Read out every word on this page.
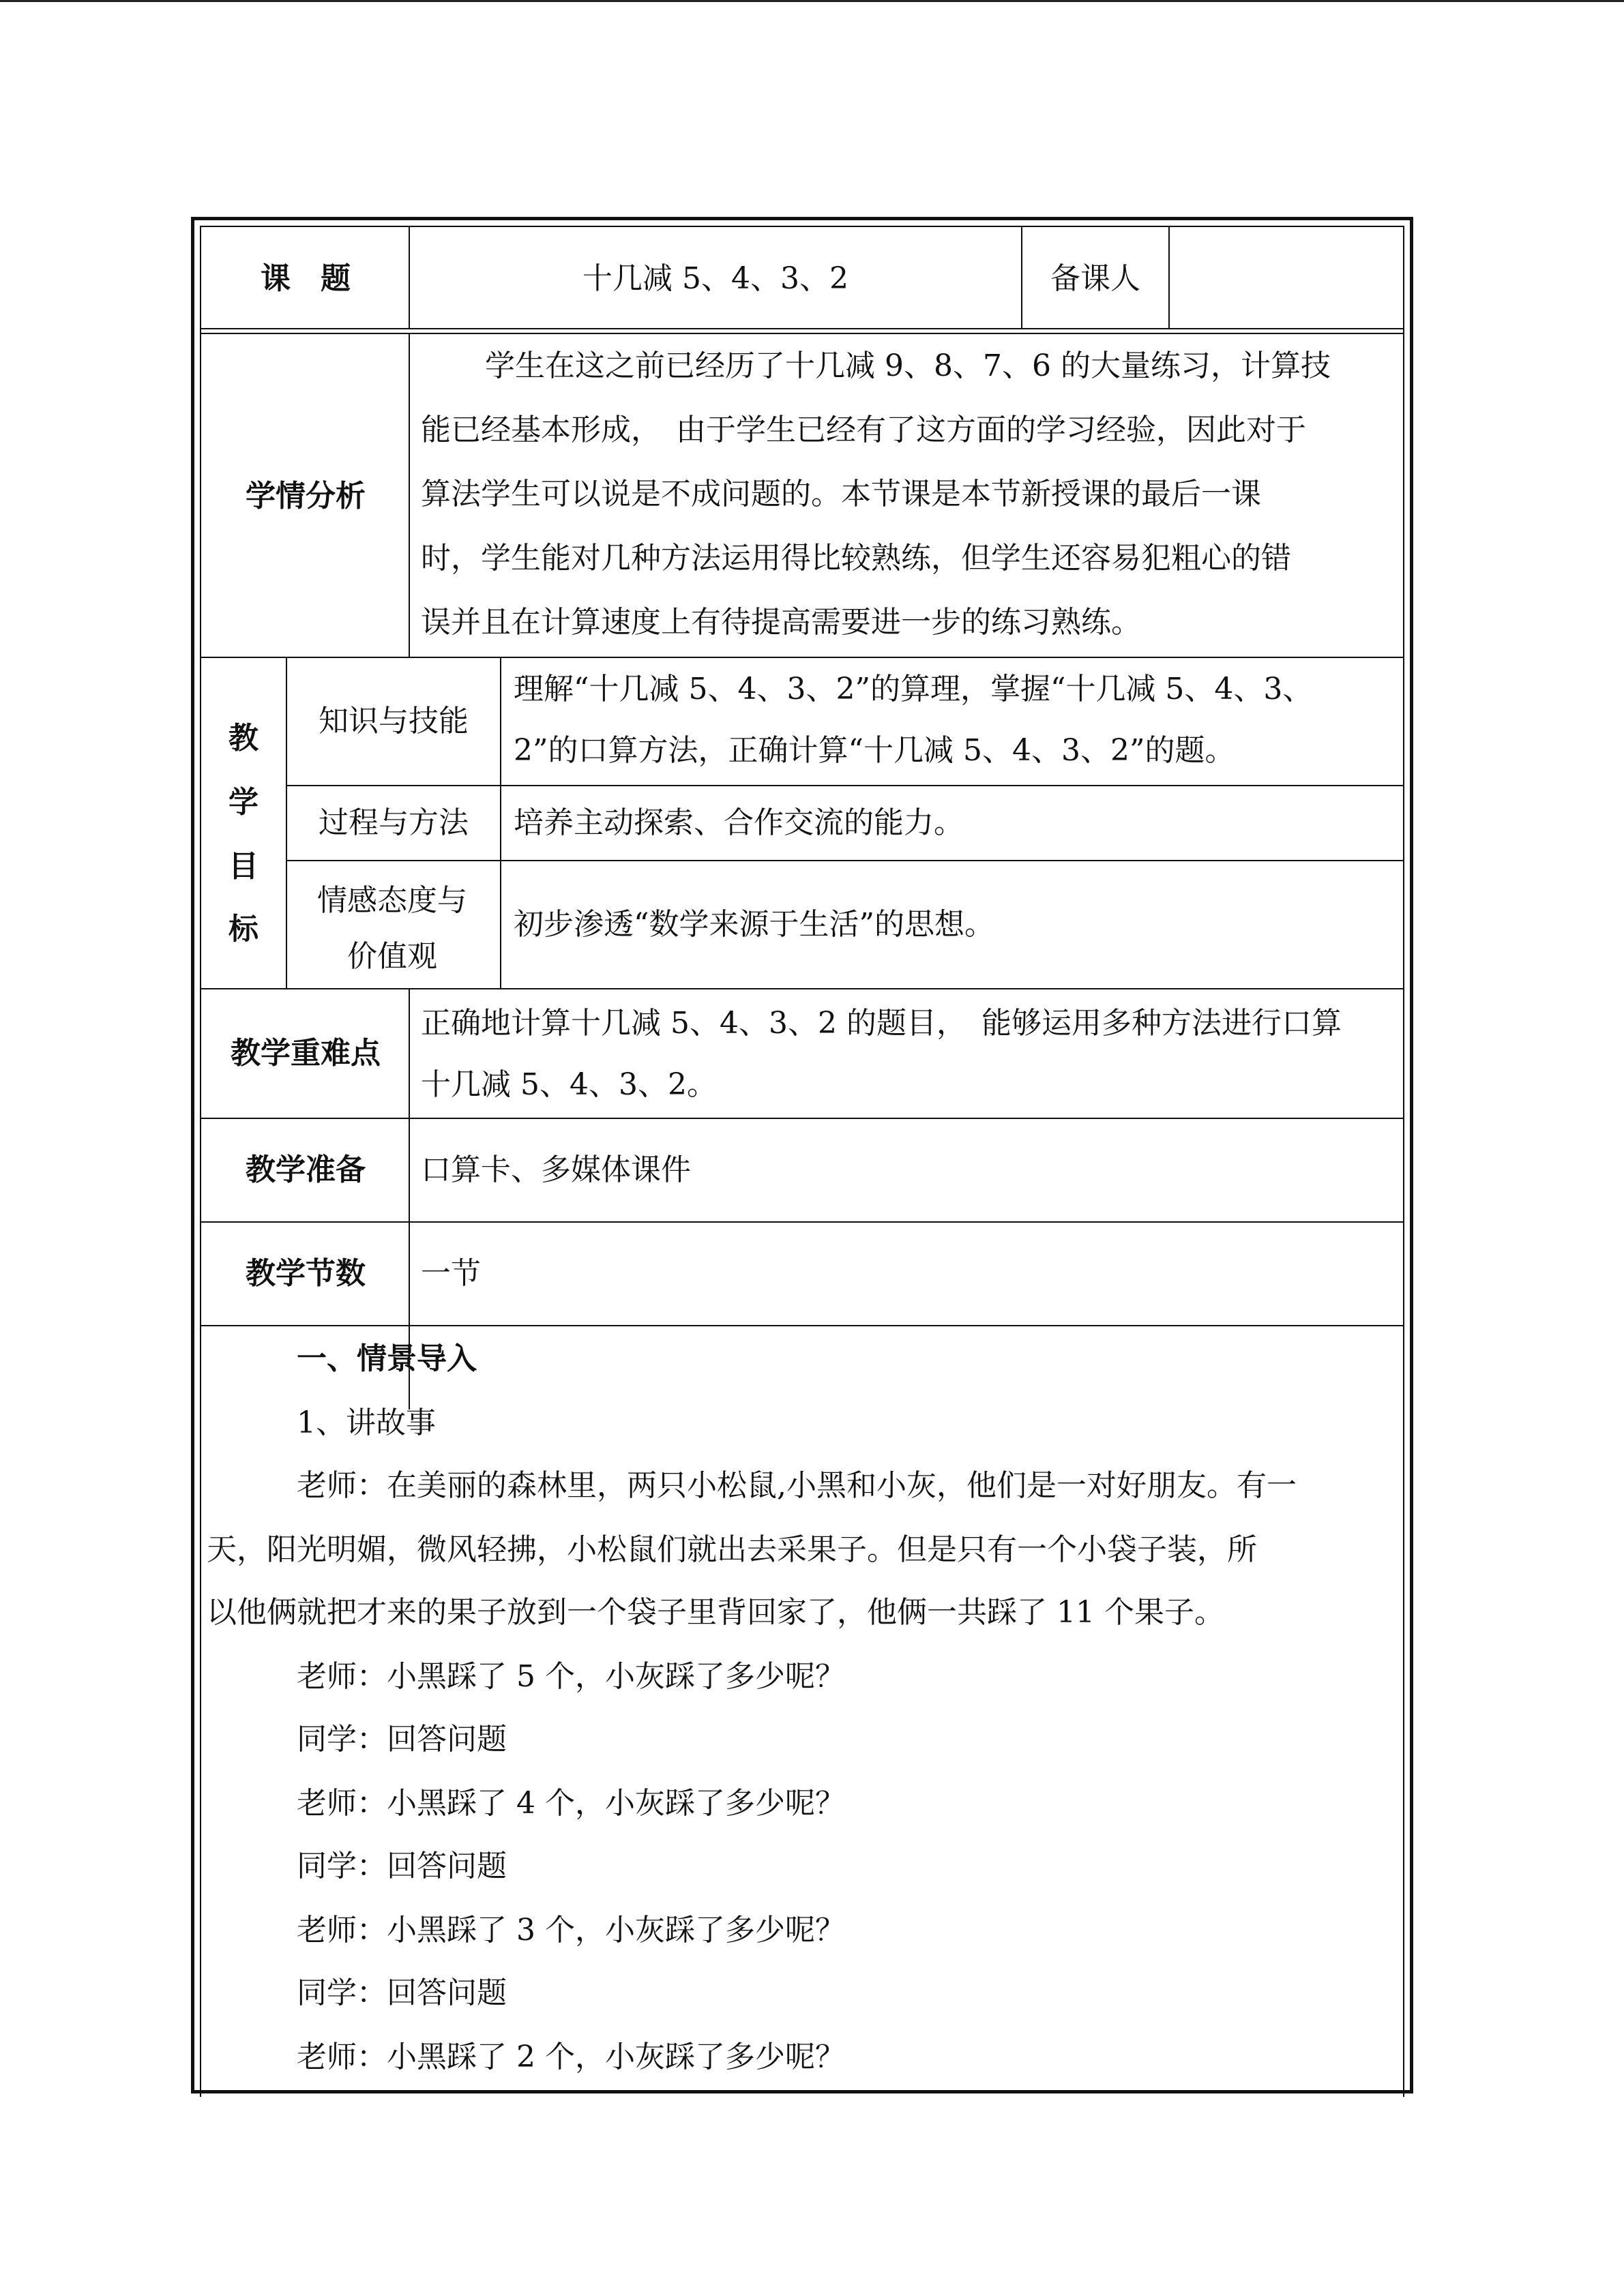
课　题	十几减 5、4、3、2	备课人
学情分析
学生在这之前已经历了十几减 9、8、7、6 的大量练习，计算技
能已经基本形成，　由于学生已经有了这方面的学习经验，因此对于
算法学生可以说是不成问题的。本节课是本节新授课的最后一课
时，学生能对几种方法运用得比较熟练，但学生还容易犯粗心的错
误并且在计算速度上有待提高需要进一步的练习熟练。
教
学
目
标
知识与技能
理解“十几减 5、4、3、2”的算理，掌握“十几减 5、4、3、
2”的口算方法，正确计算“十几减 5、4、3、2”的题。
过程与方法 培养主动探索、合作交流的能力。
情感态度与
价值观
初步渗透“数学来源于生活”的思想。
教学重难点
正确地计算十几减 5、4、3、2 的题目，　能够运用多种方法进行口算
十几减 5、4、3、2。
教学准备 口算卡、多媒体课件
教学节数 一节
一、情景导入
1、讲故事
老师：在美丽的森林里，两只小松鼠,小黑和小灰，他们是一对好朋友。有一
天，阳光明媚，微风轻拂，小松鼠们就出去采果子。但是只有一个小袋子装，所
以他俩就把才来的果子放到一个袋子里背回家了，他俩一共踩了 11 个果子。
老师：小黑踩了 5 个，小灰踩了多少呢？
同学：回答问题
老师：小黑踩了 4 个，小灰踩了多少呢？
同学：回答问题
老师：小黑踩了 3 个，小灰踩了多少呢？
同学：回答问题
老师：小黑踩了 2 个，小灰踩了多少呢？
